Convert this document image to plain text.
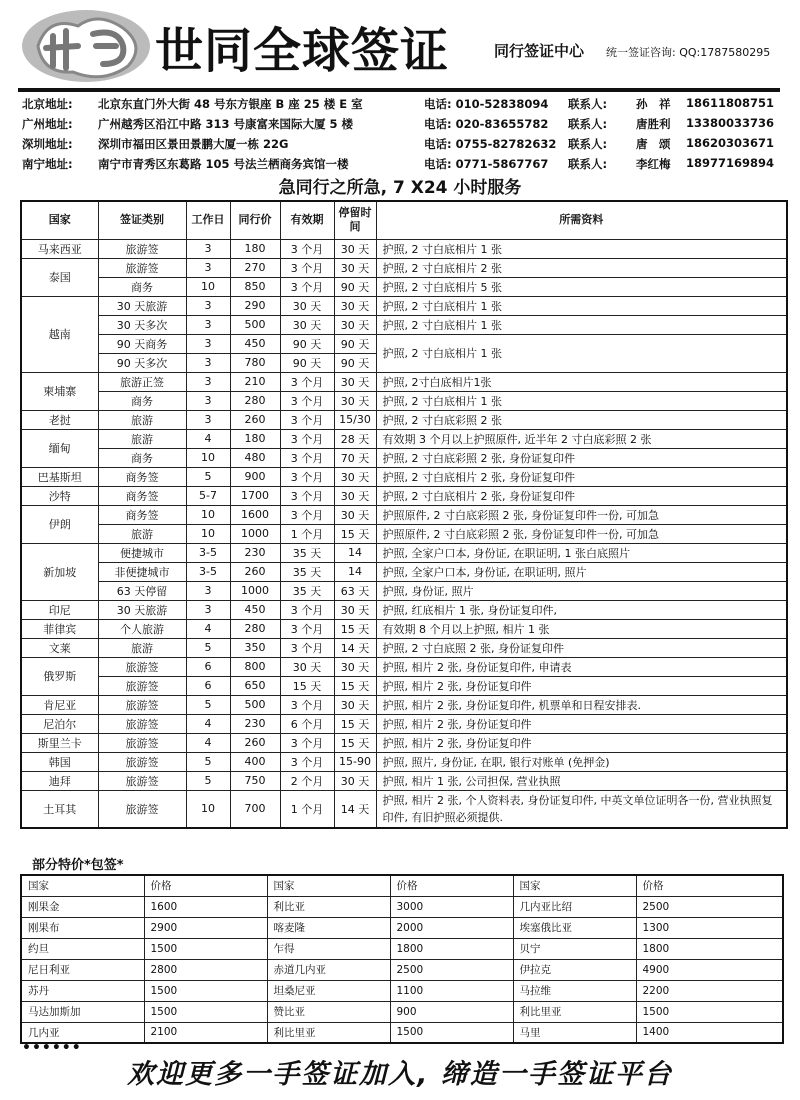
世同全球签证	同行签证中心 统一签证咨询: QQ:1787580295
北京地址: 北京东直门外大街 48 号东方银座 B 座 25 楼 E 室	电话: 010-52838094 联系人:	孙　祥 18611808751
广州地址: 广州越秀区沿江中路 313 号康富来国际大厦 5 楼	电话: 020-83655782 联系人:	唐胜利 13380033736
深圳地址: 深圳市福田区景田景鹏大厦一栋 22G	电话: 0755-82782632 联系人:	唐　颂 18620303671
南宁地址: 南宁市青秀区东葛路 105 号法兰栖商务宾馆一楼	电话: 0771-5867767 联系人:	李红梅 18977169894
急同行之所急, 7 X24 小时服务
国家	签证类别	工作日	同行价	有效期	停留时间	所需资料
马来西亚	旅游签	3	180	3 个月	30 天	护照, 2 寸白底相片 1 张
泰国	旅游签	3	270	3 个月	30 天	护照, 2 寸白底相片 2 张
	商务	10	850	3 个月	90 天	护照, 2 寸白底相片 5 张
越南	30 天旅游	3	290	30 天	30 天	护照, 2 寸白底相片 1 张
	30 天多次	3	500	30 天	30 天	护照, 2 寸白底相片 1 张
	90 天商务	3	450	90 天	90 天	护照, 2 寸白底相片 1 张
	90 天多次	3	780	90 天	90 天	
柬埔寨	旅游正签	3	210	3 个月	30 天	护照, 2寸白底相片1张
	商务	3	280	3 个月	30 天	护照, 2 寸白底相片 1 张
老挝	旅游	3	260	3 个月	15/30	护照, 2 寸白底彩照 2 张
缅甸	旅游	4	180	3 个月	28 天	有效期 3 个月以上护照原件, 近半年 2 寸白底彩照 2 张
	商务	10	480	3 个月	70 天	护照, 2 寸白底彩照 2 张, 身份证复印件
巴基斯坦	商务签	5	900	3 个月	30 天	护照, 2 寸白底相片 2 张, 身份证复印件
沙特	商务签	5-7	1700	3 个月	30 天	护照, 2 寸白底相片 2 张, 身份证复印件
伊朗	商务签	10	1600	3 个月	30 天	护照原件, 2 寸白底彩照 2 张, 身份证复印件一份, 可加急
	旅游	10	1000	1 个月	15 天	护照原件, 2 寸白底彩照 2 张, 身份证复印件一份, 可加急
新加坡	便捷城市	3-5	230	35 天	14	护照, 全家户口本, 身份证, 在职证明, 1 张白底照片
	非便捷城市	3-5	260	35 天	14	护照, 全家户口本, 身份证, 在职证明, 照片
	63 天停留	3	1000	35 天	63 天	护照, 身份证, 照片
印尼	30 天旅游	3	450	3 个月	30 天	护照, 红底相片 1 张, 身份证复印件,
菲律宾	个人旅游	4	280	3 个月	15 天	有效期 8 个月以上护照, 相片 1 张
文莱	旅游	5	350	3 个月	14 天	护照, 2 寸白底照 2 张, 身份证复印件
俄罗斯	旅游签	6	800	30 天	30 天	护照, 相片 2 张, 身份证复印件, 申请表
	旅游签	6	650	15 天	15 天	护照, 相片 2 张, 身份证复印件
肯尼亚	旅游签	5	500	3 个月	30 天	护照, 相片 2 张, 身份证复印件, 机票单和日程安排表.
尼泊尔	旅游签	4	230	6 个月	15 天	护照, 相片 2 张, 身份证复印件
斯里兰卡	旅游签	4	260	3 个月	15 天	护照, 相片 2 张, 身份证复印件
韩国	旅游签	5	400	3 个月	15-90	护照, 照片, 身份证, 在职, 银行对账单 (免押金)
迪拜	旅游签	5	750	2 个月	30 天	护照, 相片 1 张, 公司担保, 营业执照
土耳其	旅游签	10	700	1 个月	14 天	护照, 相片 2 张, 个人资料表, 身份证复印件, 中英文单位证明各一份, 营业执照复印件, 有旧护照必须提供.
部分特价*包签*
国家	价格	国家	价格	国家	价格
刚果金	1600	利比亚	3000	几内亚比绍	2500
刚果布	2900	喀麦隆	2000	埃塞俄比亚	1300
约旦	1500	乍得	1800	贝宁	1800
尼日利亚	2800	赤道几内亚	2500	伊拉克	4900
苏丹	1500	坦桑尼亚	1100	马拉维	2200
马达加斯加	1500	赞比亚	900	利比里亚	1500
几内亚	2100	利比里亚	1500	马里	1400
••••••
欢迎更多一手签证加入, 缔造一手签证平台
